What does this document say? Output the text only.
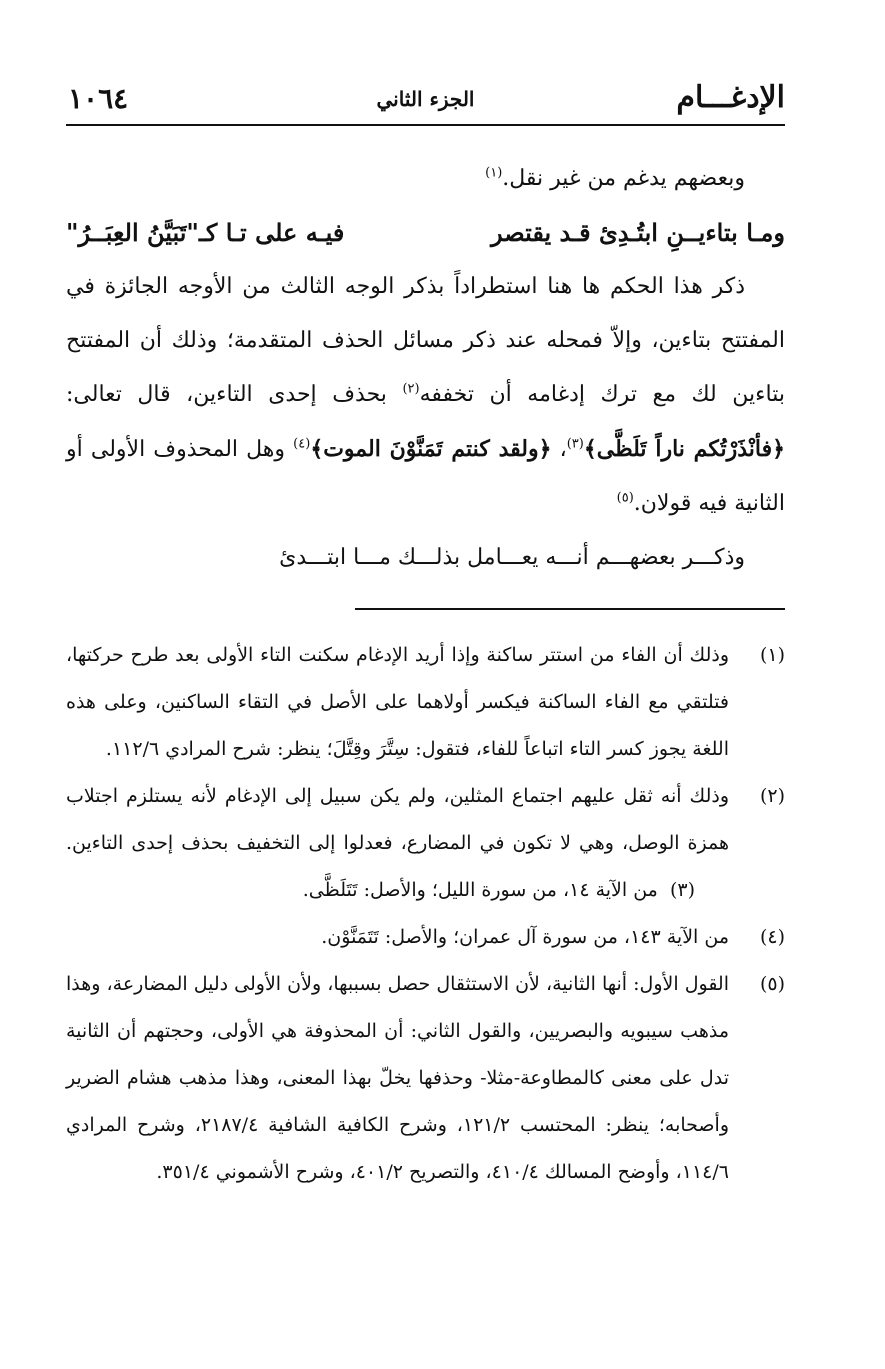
الإدغـــام
الجزء الثاني
١٠٦٤

وبعضهم يدغم من غير نقل.$^{(١)}$

ومـا بتاءيــنِ ابتُـدِئ قـد يقتصر
فيـه على تـا كـ"تَبَيَّنُ العِبَــرُ"

ذكر هذا الحكم ها هنا استطراداً بذكر الوجه الثالث من الأوجه الجائزة في المفتتح بتاءين، وإلاّ فمحله عند ذكر مسائل الحذف المتقدمة؛ وذلك أن المفتتح بتاءين لك مع ترك إدغامه أن تخففه$^{(٢)}$ بحذف إحدى التاءين، قال تعالى: ﴿فأنْذَرْتُكم ناراً تَلَظَّى﴾$^{(٣)}$، ﴿ولقد كنتم تَمَنَّوْنَ الموت﴾$^{(٤)}$ وهل المحذوف الأولى أو الثانية فيه قولان.$^{(٥)}$

وذكـــر بعضهـــم أنـــه يعـــامل بذلـــك مـــا ابتـــدئ

(١)
وذلك أن الفاء من استتر ساكنة وإذا أريد الإدغام سكنت التاء الأولى بعد طرح حركتها، فتلتقي مع الفاء الساكنة فيكسر أولاهما على الأصل في التقاء الساكنين، وعلى هذه اللغة يجوز كسر التاء اتباعاً للفاء، فتقول: سِتَّرَ وقِتَّلَ؛ ينظر: شرح المرادي ١١٢/٦.
(٢)
وذلك أنه ثقل عليهم اجتماع المثلين، ولم يكن سبيل إلى الإدغام لأنه يستلزم اجتلاب همزة الوصل، وهي لا تكون في المضارع، فعدلوا إلى التخفيف بحذف إحدى التاءين.(٣)  من الآية ١٤، من سورة الليل؛ والأصل: تَتَلَظَّى.
(٤)
من الآية ١٤٣، من سورة آل عمران؛ والأصل: تَتَمَنَّوْن.
(٥)
القول الأول: أنها الثانية، لأن الاستثقال حصل بسببها، ولأن الأولى دليل المضارعة، وهذا مذهب سيبويه والبصريين، والقول الثاني: أن المحذوفة هي الأولى، وحجتهم أن الثانية تدل على معنى كالمطاوعة-مثلا- وحذفها يخلّ بهذا المعنى، وهذا مذهب هشام الضرير وأصحابه؛ ينظر: المحتسب ١٢١/٢، وشرح الكافية الشافية ٢١٨٧/٤، وشرح المرادي ١١٤/٦، وأوضح المسالك ٤١٠/٤، والتصريح ٤٠١/٢، وشرح الأشموني ٣٥١/٤.
